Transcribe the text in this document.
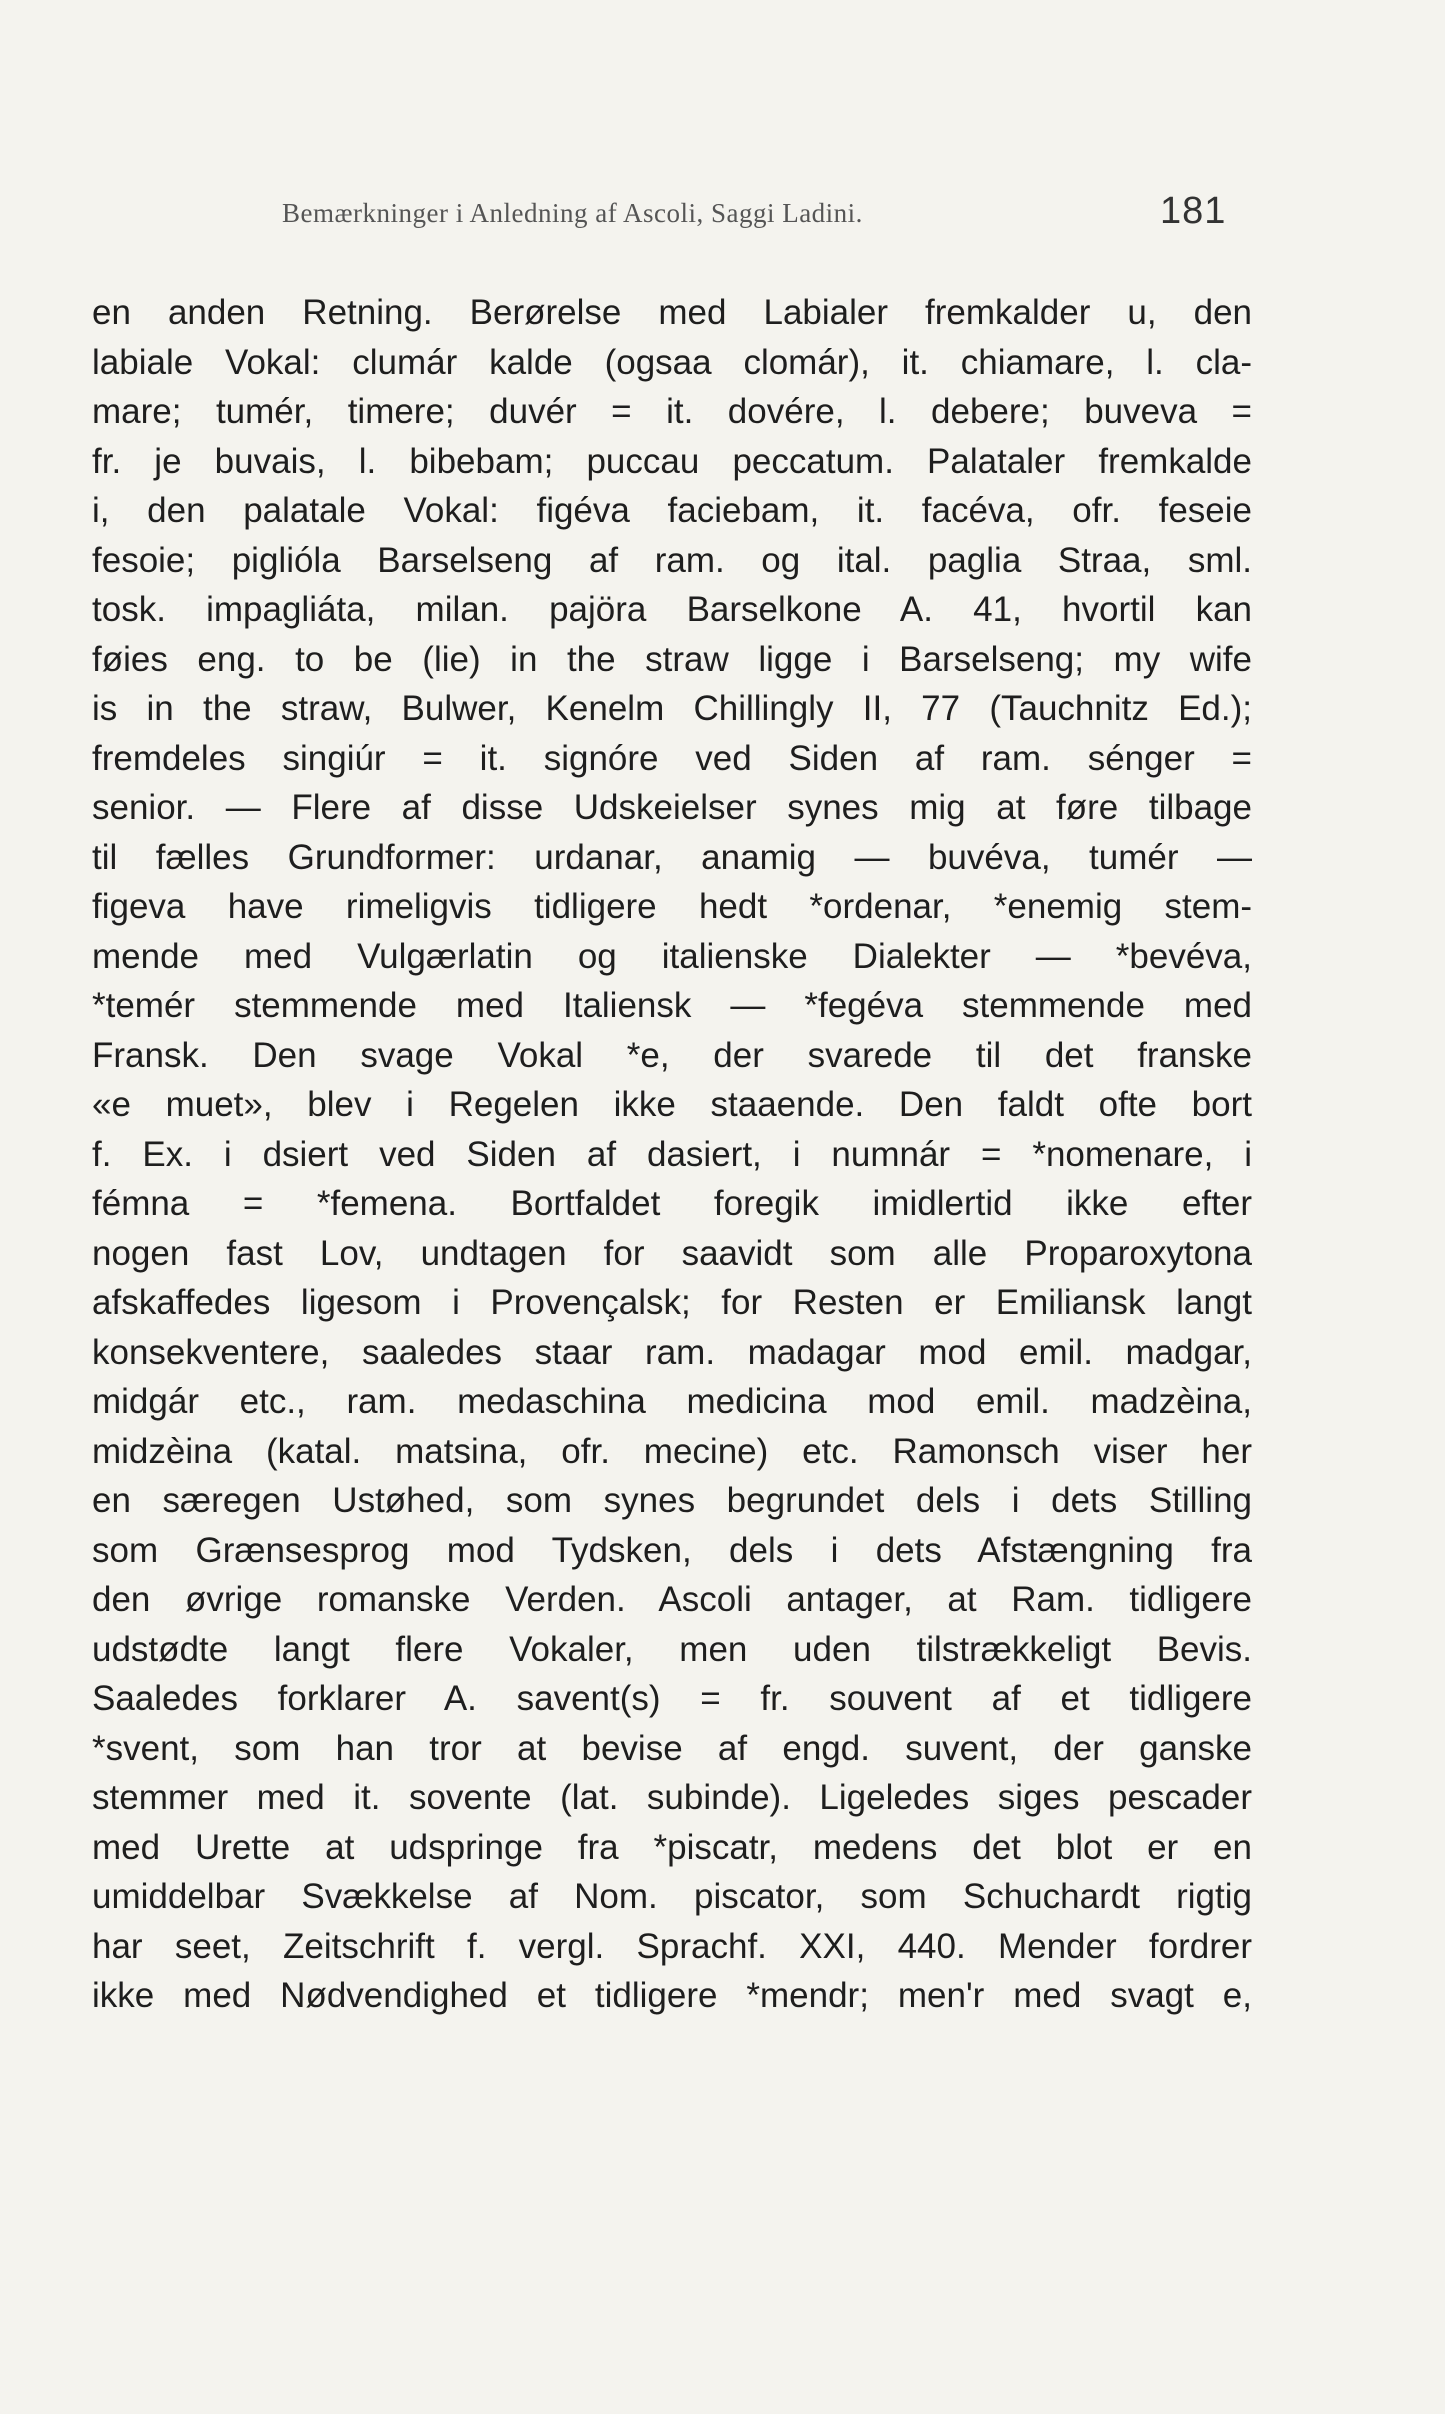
Bemærkninger i Anledning af Ascoli, Saggi Ladini.	181
en anden Retning. Berørelse med Labialer fremkalder u, den
labiale Vokal: clumár kalde (ogsaa clomár), it. chiamare, l. cla-
mare; tumér, timere; duvér = it. dovére, l. debere; buveva =
fr. je buvais, l. bibebam; puccau peccatum. Palataler fremkalde
i, den palatale Vokal: figéva faciebam, it. facéva, ofr. feseie
fesoie; piglióla Barselseng af ram. og ital. paglia Straa, sml.
tosk. impagliáta, milan. pajöra Barselkone A. 41, hvortil kan
føies eng. to be (lie) in the straw ligge i Barselseng; my wife
is in the straw, Bulwer, Kenelm Chillingly II, 77 (Tauchnitz Ed.);
fremdeles singiúr = it. signóre ved Siden af ram. sénger =
senior. — Flere af disse Udskeielser synes mig at føre tilbage
til fælles Grundformer: urdanar, anamig — buvéva, tumér —
figeva have rimeligvis tidligere hedt *ordenar, *enemig stem-
mende med Vulgærlatin og italienske Dialekter — *bevéva,
*temér stemmende med Italiensk — *fegéva stemmende med
Fransk. Den svage Vokal *e, der svarede til det franske
«e muet», blev i Regelen ikke staaende. Den faldt ofte bort
f. Ex. i dsiert ved Siden af dasiert, i numnár = *nomenare, i
fémna = *femena. Bortfaldet foregik imidlertid ikke efter
nogen fast Lov, undtagen for saavidt som alle Proparoxytona
afskaffedes ligesom i Provençalsk; for Resten er Emiliansk langt
konsekventere, saaledes staar ram. madagar mod emil. madgar,
midgár etc., ram. medaschina medicina mod emil. madzèina,
midzèina (katal. matsina, ofr. mecine) etc. Ramonsch viser her
en særegen Ustøhed, som synes begrundet dels i dets Stilling
som Grænsesprog mod Tydsken, dels i dets Afstængning fra
den øvrige romanske Verden. Ascoli antager, at Ram. tidligere
udstødte langt flere Vokaler, men uden tilstrækkeligt Bevis.
Saaledes forklarer A. savent(s) = fr. souvent af et tidligere
*svent, som han tror at bevise af engd. suvent, der ganske
stemmer med it. sovente (lat. subinde). Ligeledes siges pescader
med Urette at udspringe fra *piscatr, medens det blot er en
umiddelbar Svækkelse af Nom. piscator, som Schuchardt rigtig
har seet, Zeitschrift f. vergl. Sprachf. XXI, 440. Mender fordrer
ikke med Nødvendighed et tidligere *mendr; men'r med svagt e,
